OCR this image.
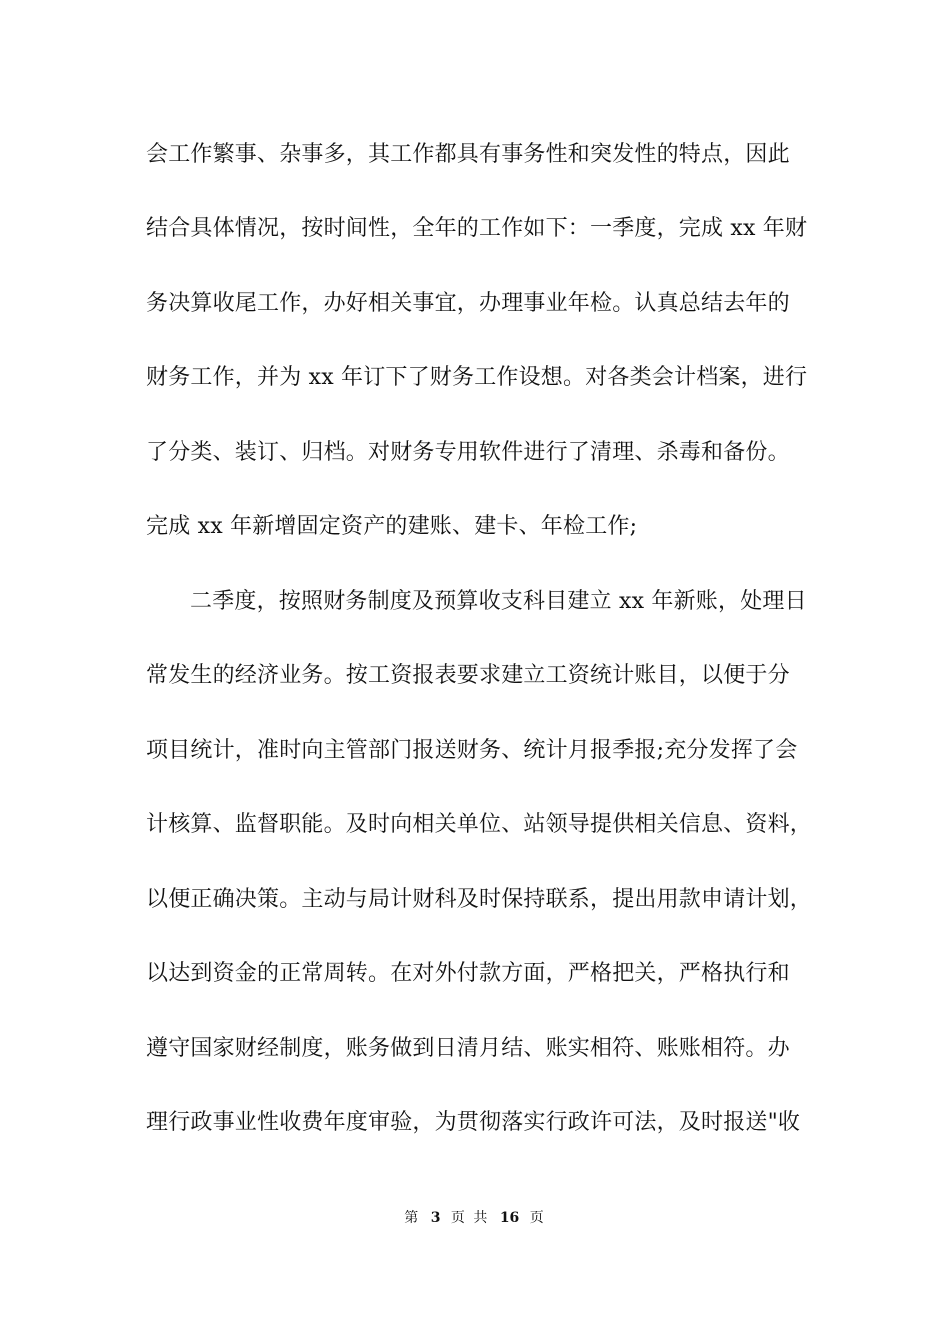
会工作繁事、杂事多，其工作都具有事务性和突发性的特点，因此
结合具体情况，按时间性，全年的工作如下：一季度，完成 xx 年财
务决算收尾工作，办好相关事宜，办理事业年检。认真总结去年的
财务工作，并为 xx 年订下了财务工作设想。对各类会计档案，进行
了分类、装订、归档。对财务专用软件进行了清理、杀毒和备份。
完成 xx 年新增固定资产的建账、建卡、年检工作;
二季度，按照财务制度及预算收支科目建立 xx 年新账，处理日
常发生的经济业务。按工资报表要求建立工资统计账目，以便于分
项目统计，准时向主管部门报送财务、统计月报季报;充分发挥了会
计核算、监督职能。及时向相关单位、站领导提供相关信息、资料，
以便正确决策。主动与局计财科及时保持联系，提出用款申请计划，
以达到资金的正常周转。在对外付款方面，严格把关，严格执行和
遵守国家财经制度，账务做到日清月结、账实相符、账账相符。办
理行政事业性收费年度审验，为贯彻落实行政许可法，及时报送"收
第 3 页 共 16 页
